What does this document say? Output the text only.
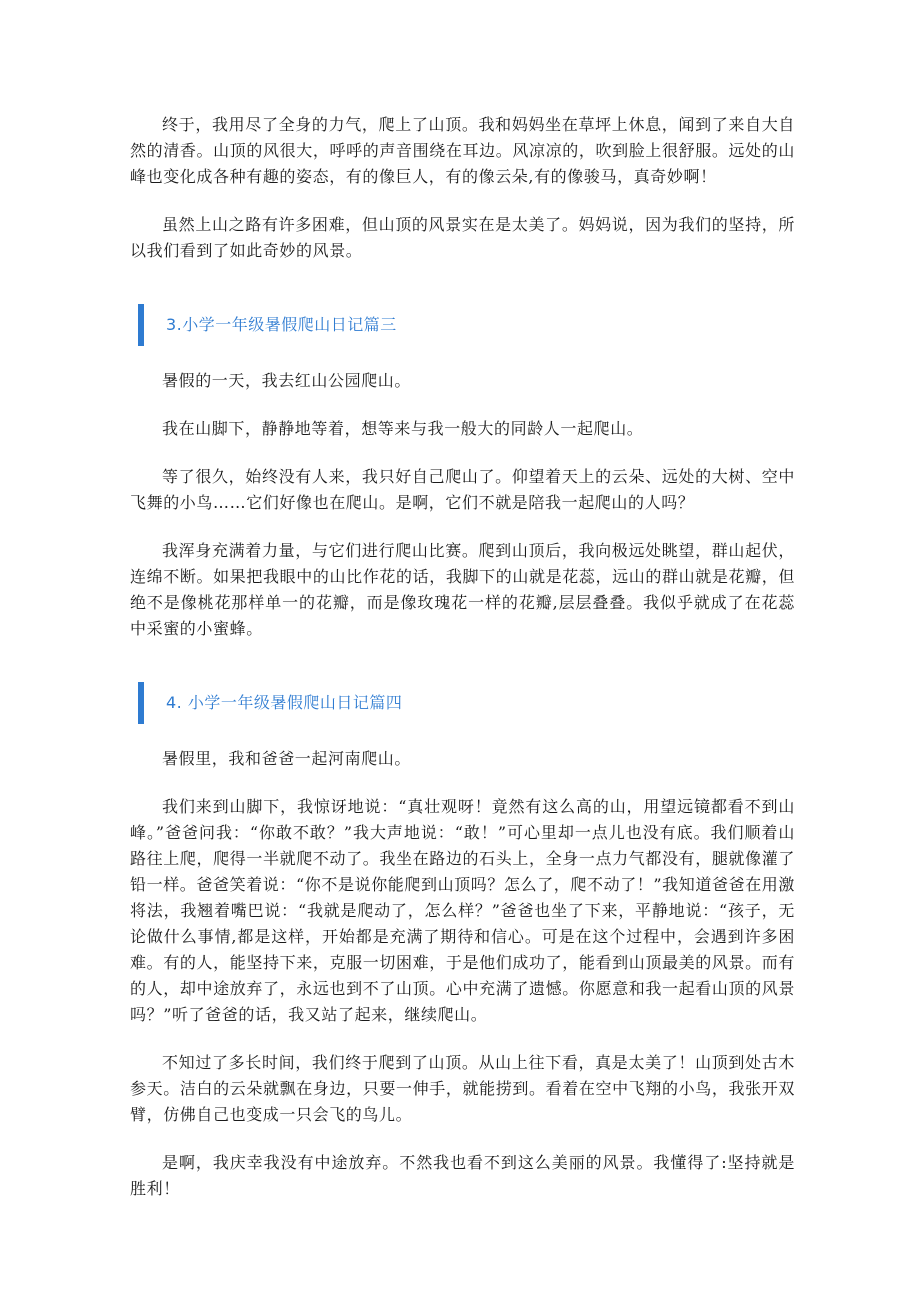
终于，我用尽了全身的力气，爬上了山顶。我和妈妈坐在草坪上休息，闻到了来自大自然的清香。山顶的风很大，呼呼的声音围绕在耳边。风凉凉的，吹到脸上很舒服。远处的山峰也变化成各种有趣的姿态，有的像巨人，有的像云朵,有的像骏马，真奇妙啊！

虽然上山之路有许多困难，但山顶的风景实在是太美了。妈妈说，因为我们的坚持，所以我们看到了如此奇妙的风景。

3.小学一年级暑假爬山日记篇三

暑假的一天，我去红山公园爬山。

我在山脚下，静静地等着，想等来与我一般大的同龄人一起爬山。

等了很久，始终没有人来，我只好自己爬山了。仰望着天上的云朵、远处的大树、空中飞舞的小鸟……它们好像也在爬山。是啊，它们不就是陪我一起爬山的人吗？

我浑身充满着力量，与它们进行爬山比赛。爬到山顶后，我向极远处眺望，群山起伏，连绵不断。如果把我眼中的山比作花的话，我脚下的山就是花蕊，远山的群山就是花瓣，但绝不是像桃花那样单一的花瓣，而是像玫瑰花一样的花瓣,层层叠叠。我似乎就成了在花蕊中采蜜的小蜜蜂。

4. 小学一年级暑假爬山日记篇四

暑假里，我和爸爸一起河南爬山。

我们来到山脚下，我惊讶地说：“真壮观呀！竟然有这么高的山，用望远镜都看不到山峰。”爸爸问我：“你敢不敢？”我大声地说：“敢！”可心里却一点儿也没有底。我们顺着山路往上爬，爬得一半就爬不动了。我坐在路边的石头上，全身一点力气都没有，腿就像灌了铅一样。爸爸笑着说：“你不是说你能爬到山顶吗？怎么了，爬不动了！”我知道爸爸在用激将法，我翘着嘴巴说：“我就是爬动了，怎么样？”爸爸也坐了下来，平静地说：“孩子，无论做什么事情,都是这样，开始都是充满了期待和信心。可是在这个过程中，会遇到许多困难。有的人，能坚持下来，克服一切困难，于是他们成功了，能看到山顶最美的风景。而有的人，却中途放弃了，永远也到不了山顶。心中充满了遗憾。你愿意和我一起看山顶的风景吗？”听了爸爸的话，我又站了起来，继续爬山。

不知过了多长时间，我们终于爬到了山顶。从山上往下看，真是太美了！山顶到处古木参天。洁白的云朵就飘在身边，只要一伸手，就能捞到。看着在空中飞翔的小鸟，我张开双臂，仿佛自己也变成一只会飞的鸟儿。

是啊，我庆幸我没有中途放弃。不然我也看不到这么美丽的风景。我懂得了:坚持就是胜利！
